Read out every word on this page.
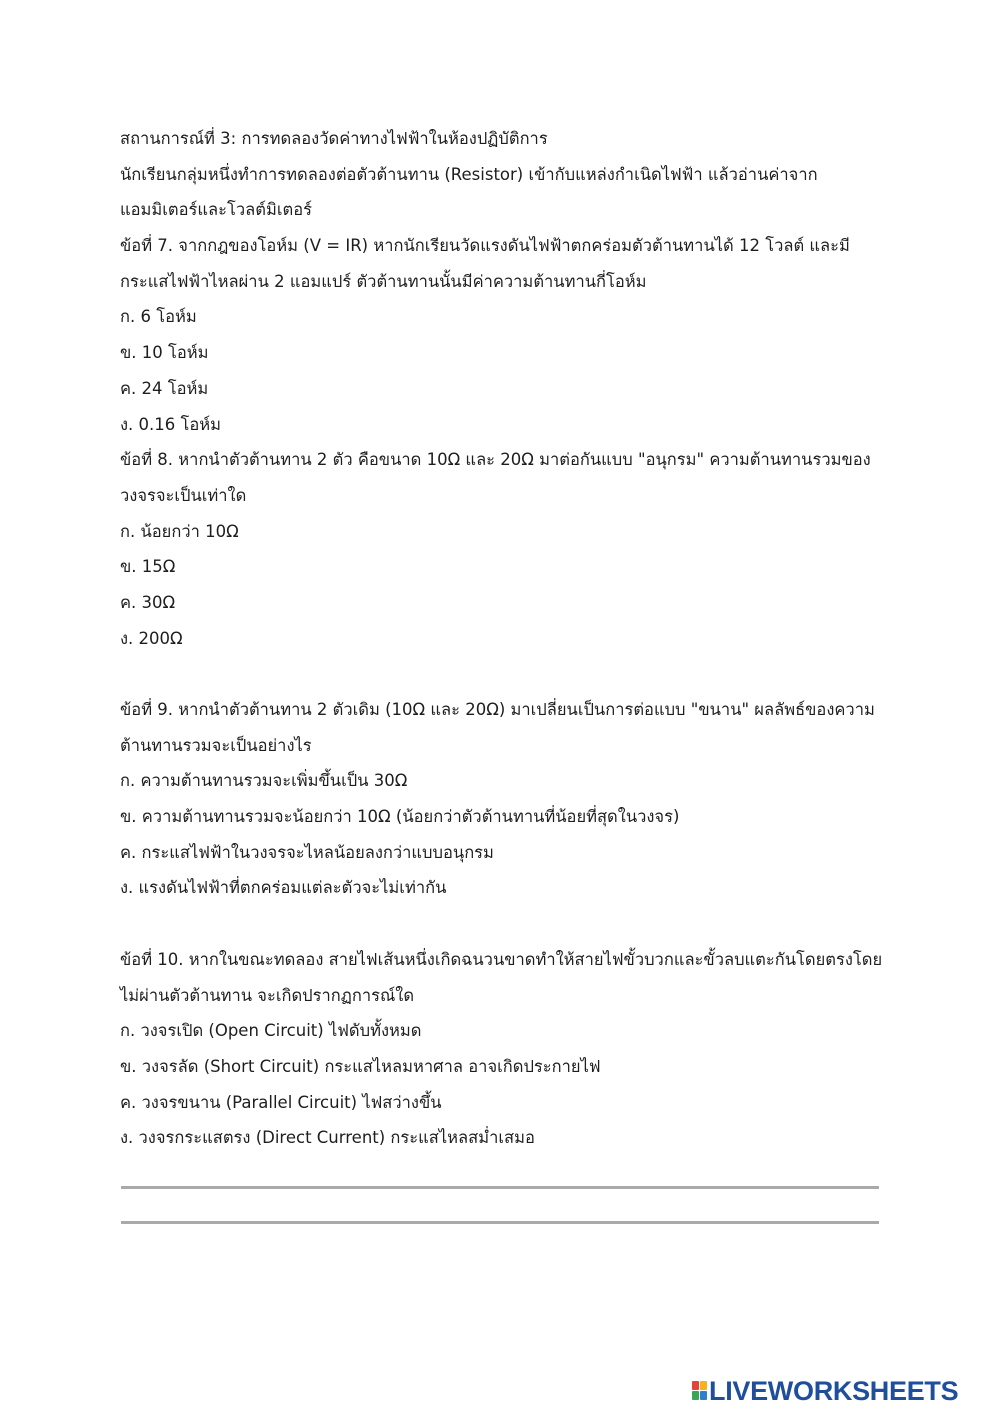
สถานการณ์ที่ 3: การทดลองวัดค่าทางไฟฟ้าในห้องปฏิบัติการ
นักเรียนกลุ่มหนึ่งทำการทดลองต่อตัวต้านทาน (Resistor) เข้ากับแหล่งกำเนิดไฟฟ้า แล้วอ่านค่าจาก
แอมมิเตอร์และโวลต์มิเตอร์
ข้อที่ 7. จากกฎของโอห์ม (V = IR) หากนักเรียนวัดแรงดันไฟฟ้าตกคร่อมตัวต้านทานได้ 12 โวลต์ และมี
กระแสไฟฟ้าไหลผ่าน 2 แอมแปร์ ตัวต้านทานนั้นมีค่าความต้านทานกี่โอห์ม
ก. 6 โอห์ม
ข. 10 โอห์ม
ค. 24 โอห์ม
ง. 0.16 โอห์ม
ข้อที่ 8. หากนำตัวต้านทาน 2 ตัว คือขนาด 10Ω และ 20Ω มาต่อกันแบบ "อนุกรม" ความต้านทานรวมของ
วงจรจะเป็นเท่าใด
ก. น้อยกว่า 10Ω
ข. 15Ω
ค. 30Ω
ง. 200Ω
ข้อที่ 9. หากนำตัวต้านทาน 2 ตัวเดิม (10Ω และ 20Ω) มาเปลี่ยนเป็นการต่อแบบ "ขนาน" ผลลัพธ์ของความ
ต้านทานรวมจะเป็นอย่างไร
ก. ความต้านทานรวมจะเพิ่มขึ้นเป็น 30Ω
ข. ความต้านทานรวมจะน้อยกว่า 10Ω (น้อยกว่าตัวต้านทานที่น้อยที่สุดในวงจร)
ค. กระแสไฟฟ้าในวงจรจะไหลน้อยลงกว่าแบบอนุกรม
ง. แรงดันไฟฟ้าที่ตกคร่อมแต่ละตัวจะไม่เท่ากัน
ข้อที่ 10. หากในขณะทดลอง สายไฟเส้นหนึ่งเกิดฉนวนขาดทำให้สายไฟขั้วบวกและขั้วลบแตะกันโดยตรงโดย
ไม่ผ่านตัวต้านทาน จะเกิดปรากฏการณ์ใด
ก. วงจรเปิด (Open Circuit) ไฟดับทั้งหมด
ข. วงจรลัด (Short Circuit) กระแสไหลมหาศาล อาจเกิดประกายไฟ
ค. วงจรขนาน (Parallel Circuit) ไฟสว่างขึ้น
ง. วงจรกระแสตรง (Direct Current) กระแสไหลสม่ำเสมอ
LIVEWORKSHEETS
